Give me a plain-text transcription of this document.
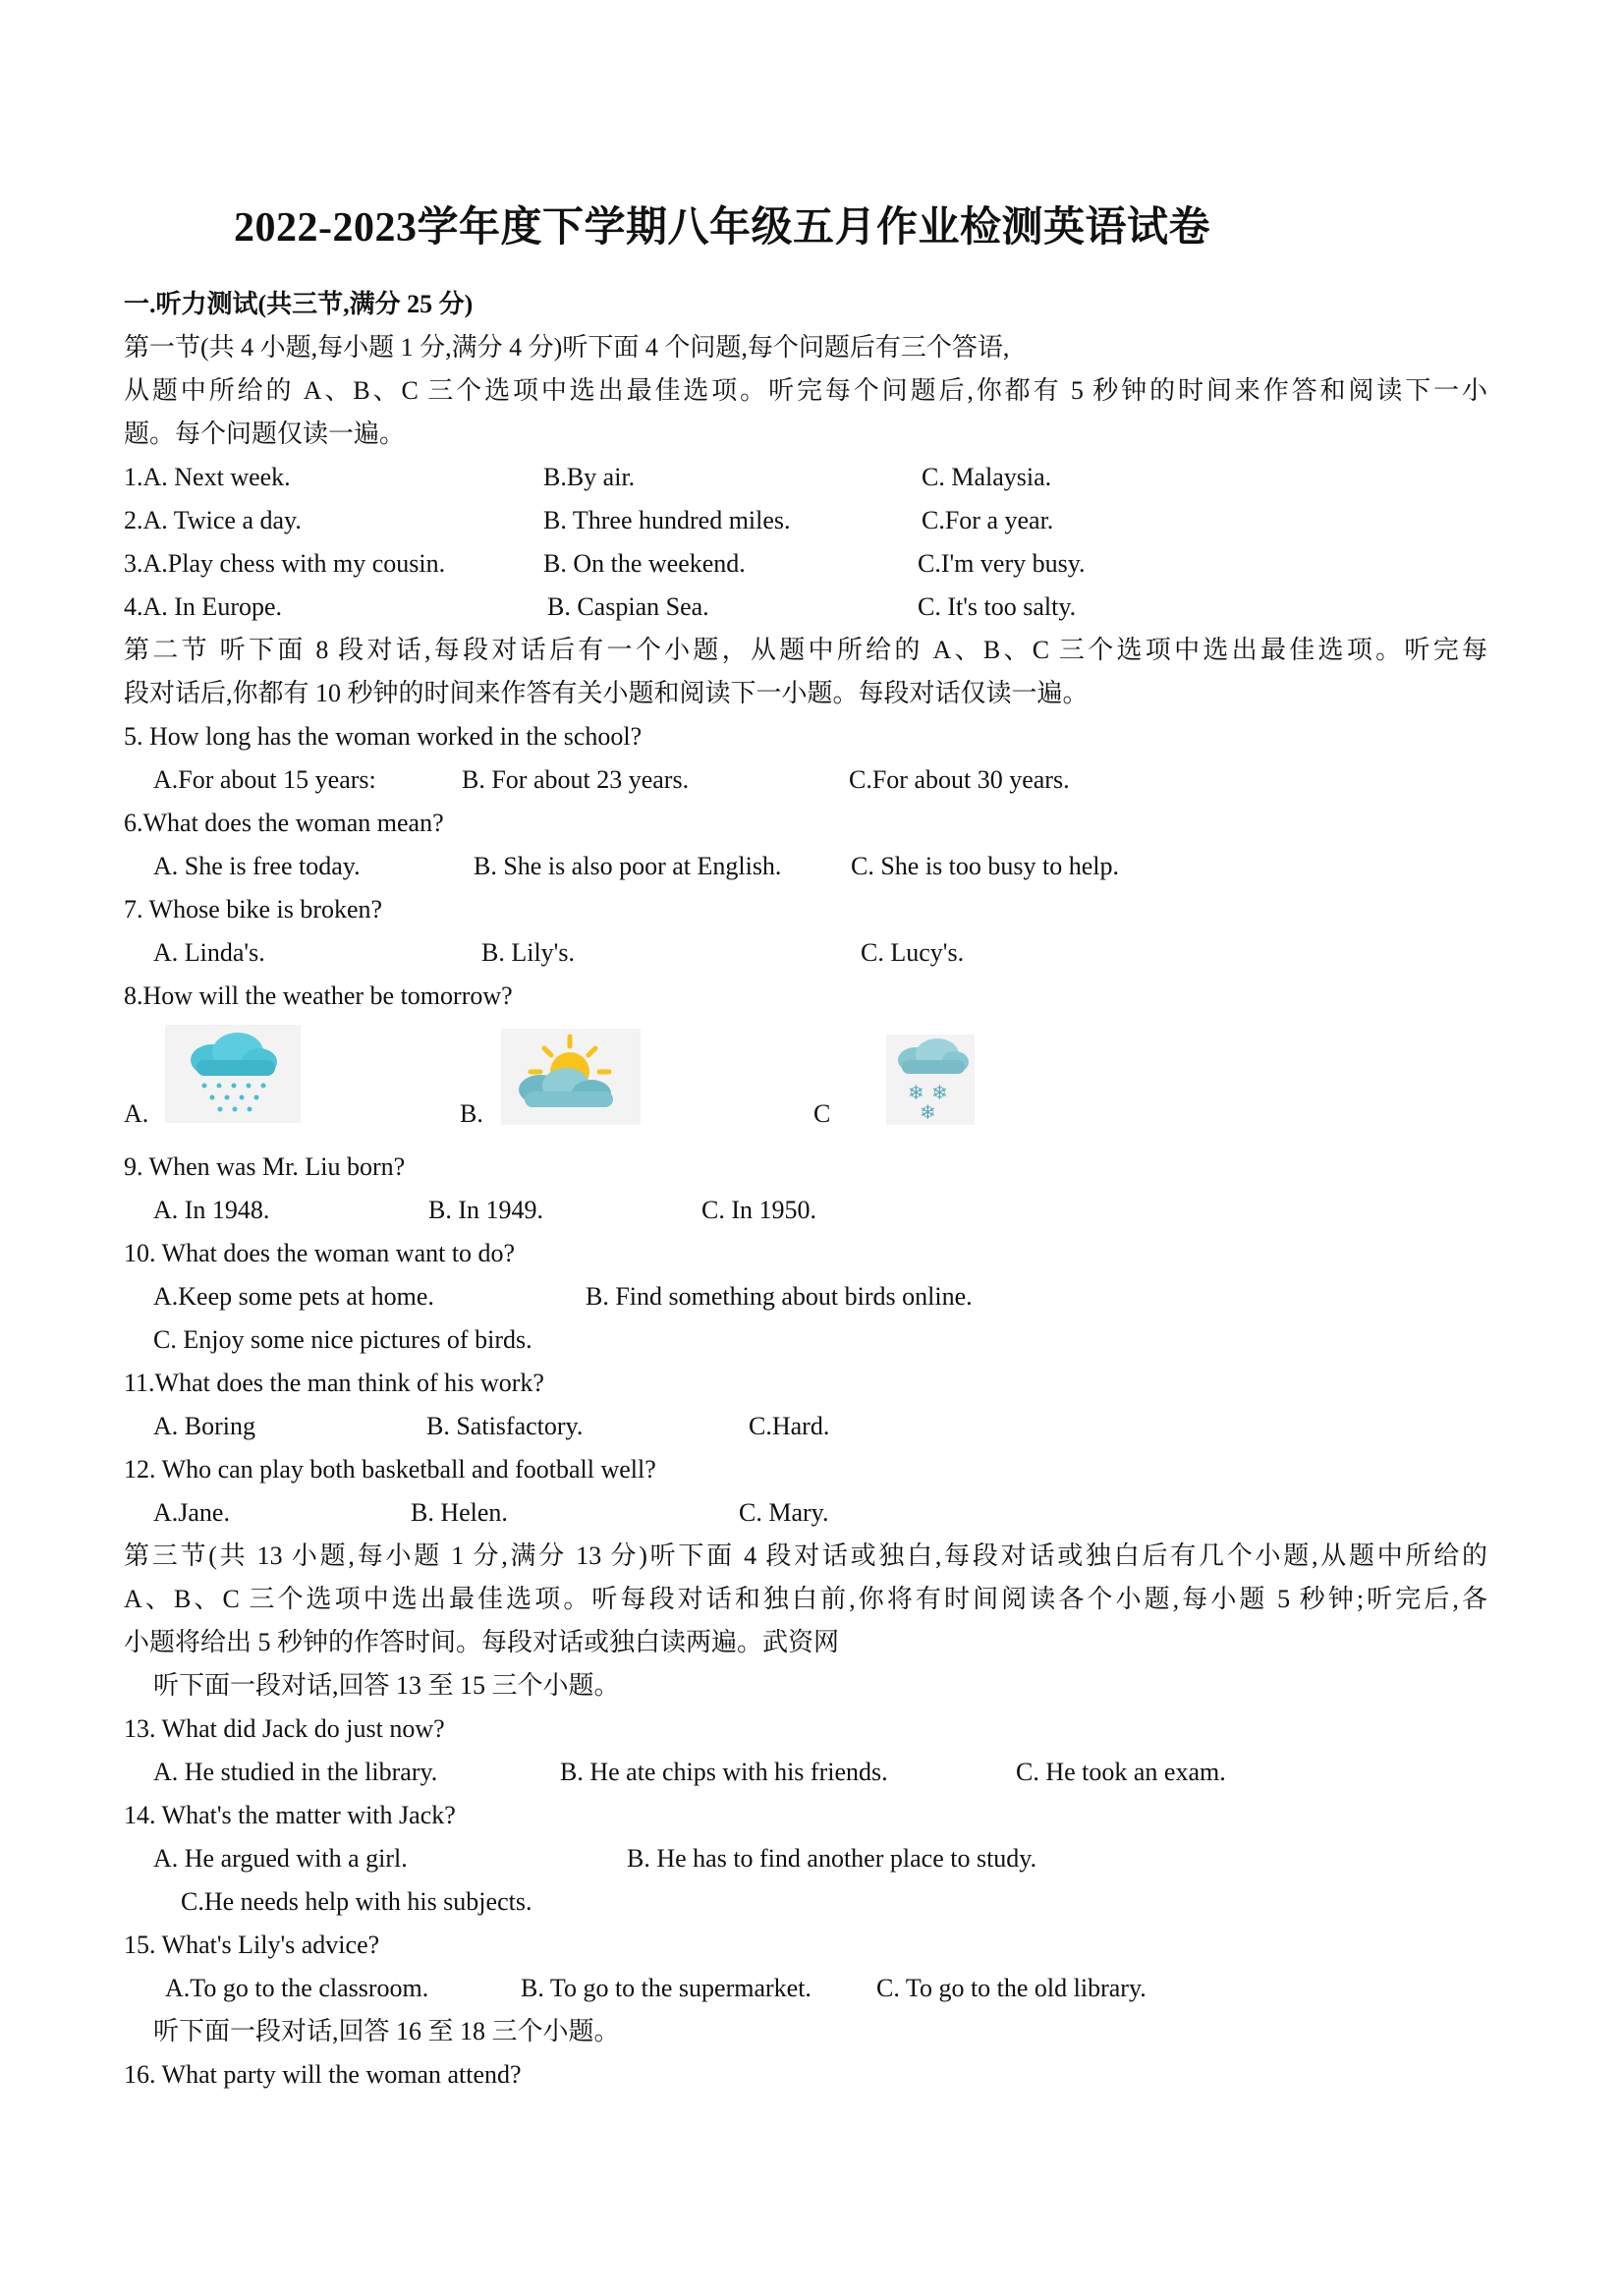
2022-2023学年度下学期八年级五月作业检测英语试卷
一.听力测试(共三节,满分 25 分)
第一节(共 4 小题,每小题 1 分,满分 4 分)听下面 4 个问题,每个问题后有三个答语,
从题中所给的 A、B、C 三个选项中选出最佳选项。听完每个问题后,你都有 5 秒钟的时间来作答和阅读下一小
题。每个问题仅读一遍。
1.A. Next week.	B.By air.	C. Malaysia.
2.A. Twice a day.	B. Three hundred miles.	C.For a year.
3.A.Play chess with my cousin.	B. On the weekend.	C.I'm very busy.
4.A. In Europe.	B. Caspian Sea.	C. It's too salty.
第二节 听下面 8 段对话,每段对话后有一个小题，从题中所给的 A、B、C 三个选项中选出最佳选项。听完每
段对话后,你都有 10 秒钟的时间来作答有关小题和阅读下一小题。每段对话仅读一遍。
5. How long has the woman worked in the school?
A.For about 15 years:	B. For about 23 years.	C.For about 30 years.
6.What does the woman mean?
A. She is free today.	B. She is also poor at English.	C. She is too busy to help.
7. Whose bike is broken?
A. Linda's.	B. Lily's.	C. Lucy's.
8.How will the weather be tomorrow?
A.	B.
❄ ❄
❄
C
9. When was Mr. Liu born?
A. In 1948.	B. In 1949.	C. In 1950.
10. What does the woman want to do?
A.Keep some pets at home.	B. Find something about birds online.
C. Enjoy some nice pictures of birds.
11.What does the man think of his work?
A. Boring	B. Satisfactory.	C.Hard.
12. Who can play both basketball and football well?
A.Jane.	B. Helen.	C. Mary.
第三节(共 13 小题,每小题 1 分,满分 13 分)听下面 4 段对话或独白,每段对话或独白后有几个小题,从题中所给的
A、B、C 三个选项中选出最佳选项。听每段对话和独白前,你将有时间阅读各个小题,每小题 5 秒钟;听完后,各
小题将给出 5 秒钟的作答时间。每段对话或独白读两遍。武资网
听下面一段对话,回答 13 至 15 三个小题。
13. What did Jack do just now?
A. He studied in the library.	B. He ate chips with his friends.	C. He took an exam.
14. What's the matter with Jack?
A. He argued with a girl.	B. He has to find another place to study.
C.He needs help with his subjects.
15. What's Lily's advice?
A.To go to the classroom.	B. To go to the supermarket.	C. To go to the old library.
听下面一段对话,回答 16 至 18 三个小题。
16. What party will the woman attend?
